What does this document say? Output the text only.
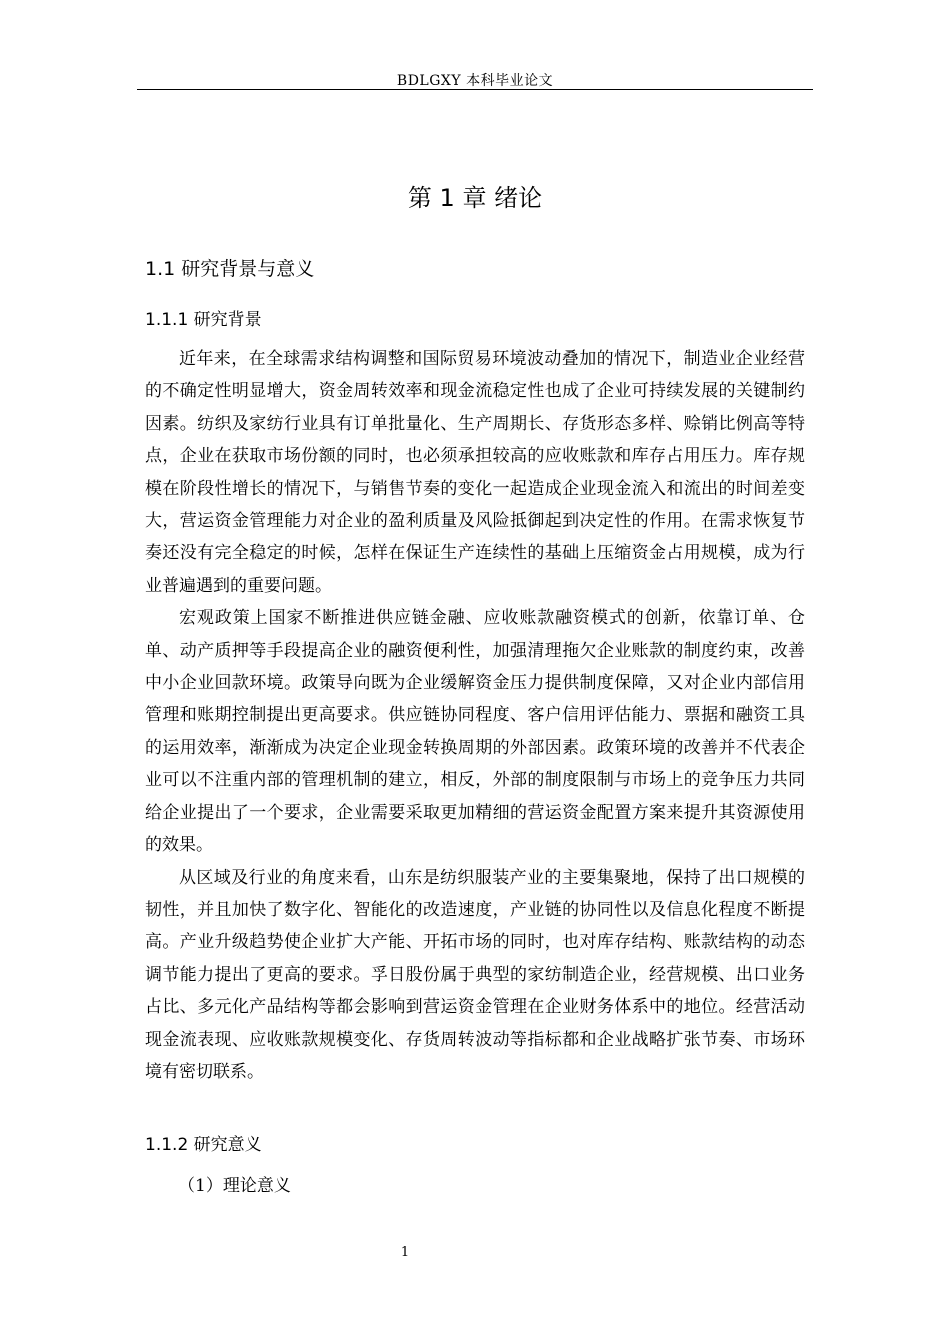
BDLGXY 本科毕业论文
第 1 章 绪论
1.1 研究背景与意义
1.1.1 研究背景

近年来，在全球需求结构调整和国际贸易环境波动叠加的情况下，制造业企业经营的不确定性明显增大，资金周转效率和现金流稳定性也成了企业可持续发展的关键制约因素。纺织及家纺行业具有订单批量化、生产周期长、存货形态多样、赊销比例高等特点，企业在获取市场份额的同时，也必须承担较高的应收账款和库存占用压力。库存规模在阶段性增长的情况下，与销售节奏的变化一起造成企业现金流入和流出的时间差变大，营运资金管理能力对企业的盈利质量及风险抵御起到决定性的作用。在需求恢复节奏还没有完全稳定的时候，怎样在保证生产连续性的基础上压缩资金占用规模，成为行业普遍遇到的重要问题。

宏观政策上国家不断推进供应链金融、应收账款融资模式的创新，依靠订单、仓单、动产质押等手段提高企业的融资便利性，加强清理拖欠企业账款的制度约束，改善中小企业回款环境。政策导向既为企业缓解资金压力提供制度保障，又对企业内部信用管理和账期控制提出更高要求。供应链协同程度、客户信用评估能力、票据和融资工具的运用效率，渐渐成为决定企业现金转换周期的外部因素。政策环境的改善并不代表企业可以不注重内部的管理机制的建立，相反，外部的制度限制与市场上的竞争压力共同给企业提出了一个要求，企业需要采取更加精细的营运资金配置方案来提升其资源使用的效果。

从区域及行业的角度来看，山东是纺织服装产业的主要集聚地，保持了出口规模的韧性，并且加快了数字化、智能化的改造速度，产业链的协同性以及信息化程度不断提高。产业升级趋势使企业扩大产能、开拓市场的同时，也对库存结构、账款结构的动态调节能力提出了更高的要求。孚日股份属于典型的家纺制造企业，经营规模、出口业务占比、多元化产品结构等都会影响到营运资金管理在企业财务体系中的地位。经营活动现金流表现、应收账款规模变化、存货周转波动等指标都和企业战略扩张节奏、市场环境有密切联系。

1.1.2 研究意义
（1）理论意义
1
